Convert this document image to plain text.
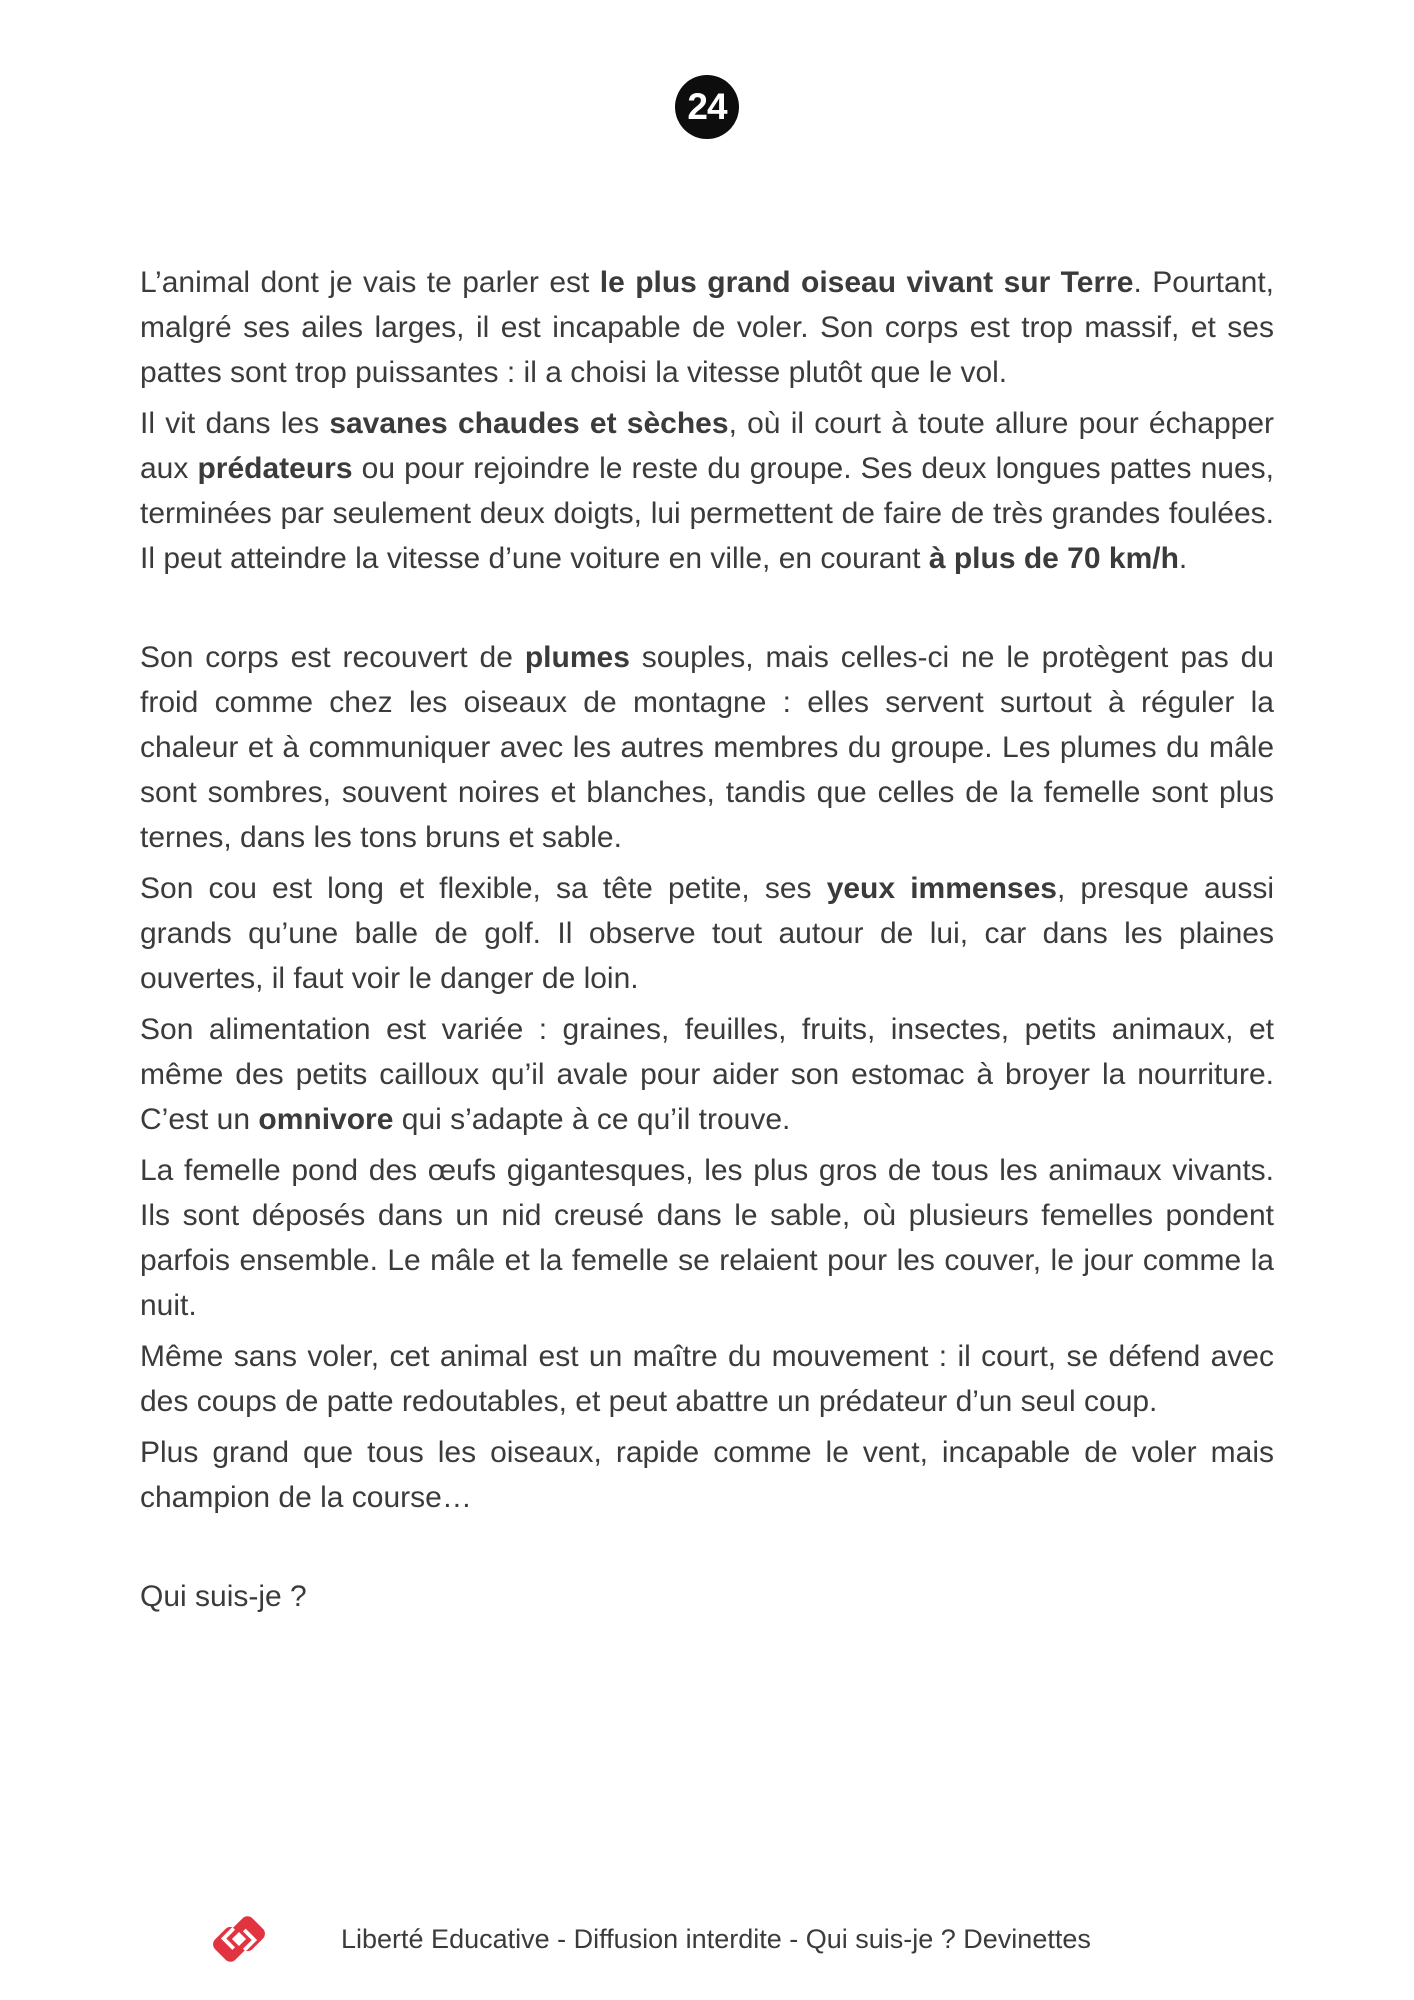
24

L’animal dont je vais te parler est le plus grand oiseau vivant sur Terre. Pourtant, malgré ses ailes larges, il est incapable de voler. Son corps est trop massif, et ses pattes sont trop puissantes : il a choisi la vitesse plutôt que le vol.

Il vit dans les savanes chaudes et sèches, où il court à toute allure pour échapper aux prédateurs ou pour rejoindre le reste du groupe. Ses deux longues pattes nues, terminées par seulement deux doigts, lui permettent de faire de très grandes foulées. Il peut atteindre la vitesse d’une voiture en ville, en courant à plus de 70 km/h.

Son corps est recouvert de plumes souples, mais celles-ci ne le protègent pas du froid comme chez les oiseaux de montagne : elles servent surtout à réguler la chaleur et à communiquer avec les autres membres du groupe. Les plumes du mâle sont sombres, souvent noires et blanches, tandis que celles de la femelle sont plus ternes, dans les tons bruns et sable.

Son cou est long et flexible, sa tête petite, ses yeux immenses, presque aussi grands qu’une balle de golf. Il observe tout autour de lui, car dans les plaines ouvertes, il faut voir le danger de loin.

Son alimentation est variée : graines, feuilles, fruits, insectes, petits animaux, et même des petits cailloux qu’il avale pour aider son estomac à broyer la nourriture. C’est un omnivore qui s’adapte à ce qu’il trouve.

La femelle pond des œufs gigantesques, les plus gros de tous les animaux vivants. Ils sont déposés dans un nid creusé dans le sable, où plusieurs femelles pondent parfois ensemble. Le mâle et la femelle se relaient pour les couver, le jour comme la nuit.

Même sans voler, cet animal est un maître du mouvement : il court, se défend avec des coups de patte redoutables, et peut abattre un prédateur d’un seul coup.

Plus grand que tous les oiseaux, rapide comme le vent, incapable de voler mais champion de la course…

Qui suis-je ?

Liberté Educative - Diffusion interdite - Qui suis-je ? Devinettes
